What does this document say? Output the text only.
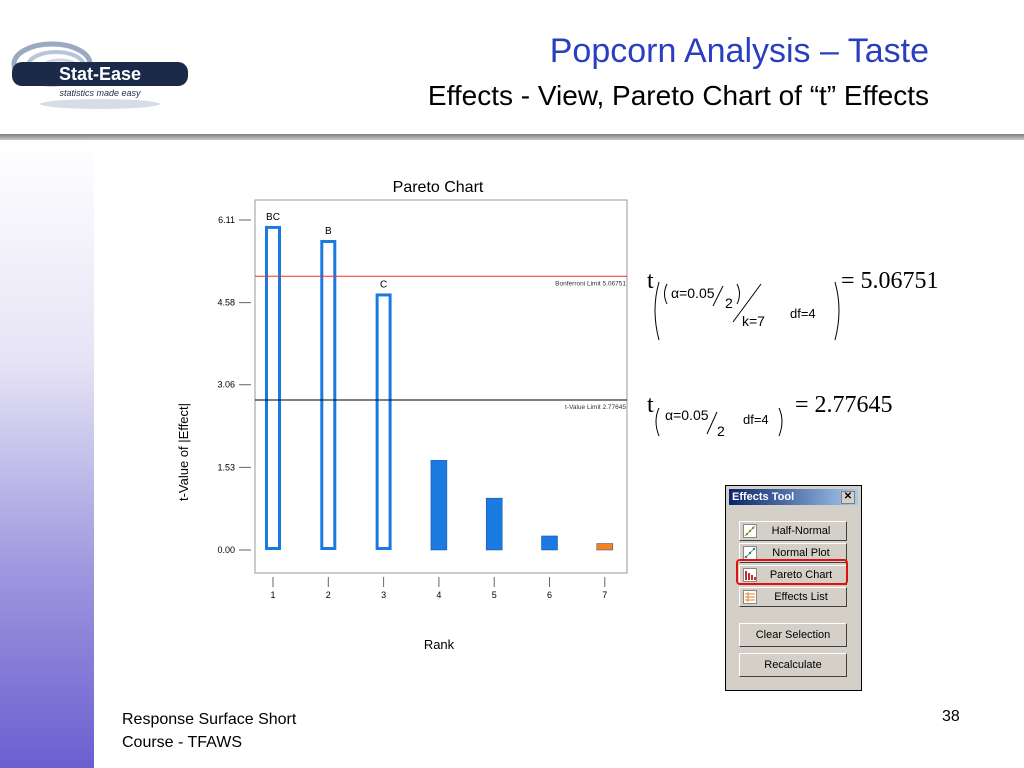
Stat-Ease
statistics made easy
Popcorn Analysis – Taste
Effects - View, Pareto Chart of “t” Effects
Pareto Chart
0.00
1.53
3.06
4.58
6.11	BC
B
C	Bonferroni Limit 5.06751
t-Value Limit 2.77645
1	2	3	4	5	6	7
Rank
t-Value of |Effect|
t α=0.05
2
k=7 df=4
= 5.06751
t α=0.05
2
df=4
= 2.77645
Effects Tool	✕
Half-Normal
Normal Plot
Pareto Chart
Effects List
Clear Selection
Recalculate
Response Surface Short
Course - TFAWS
38
